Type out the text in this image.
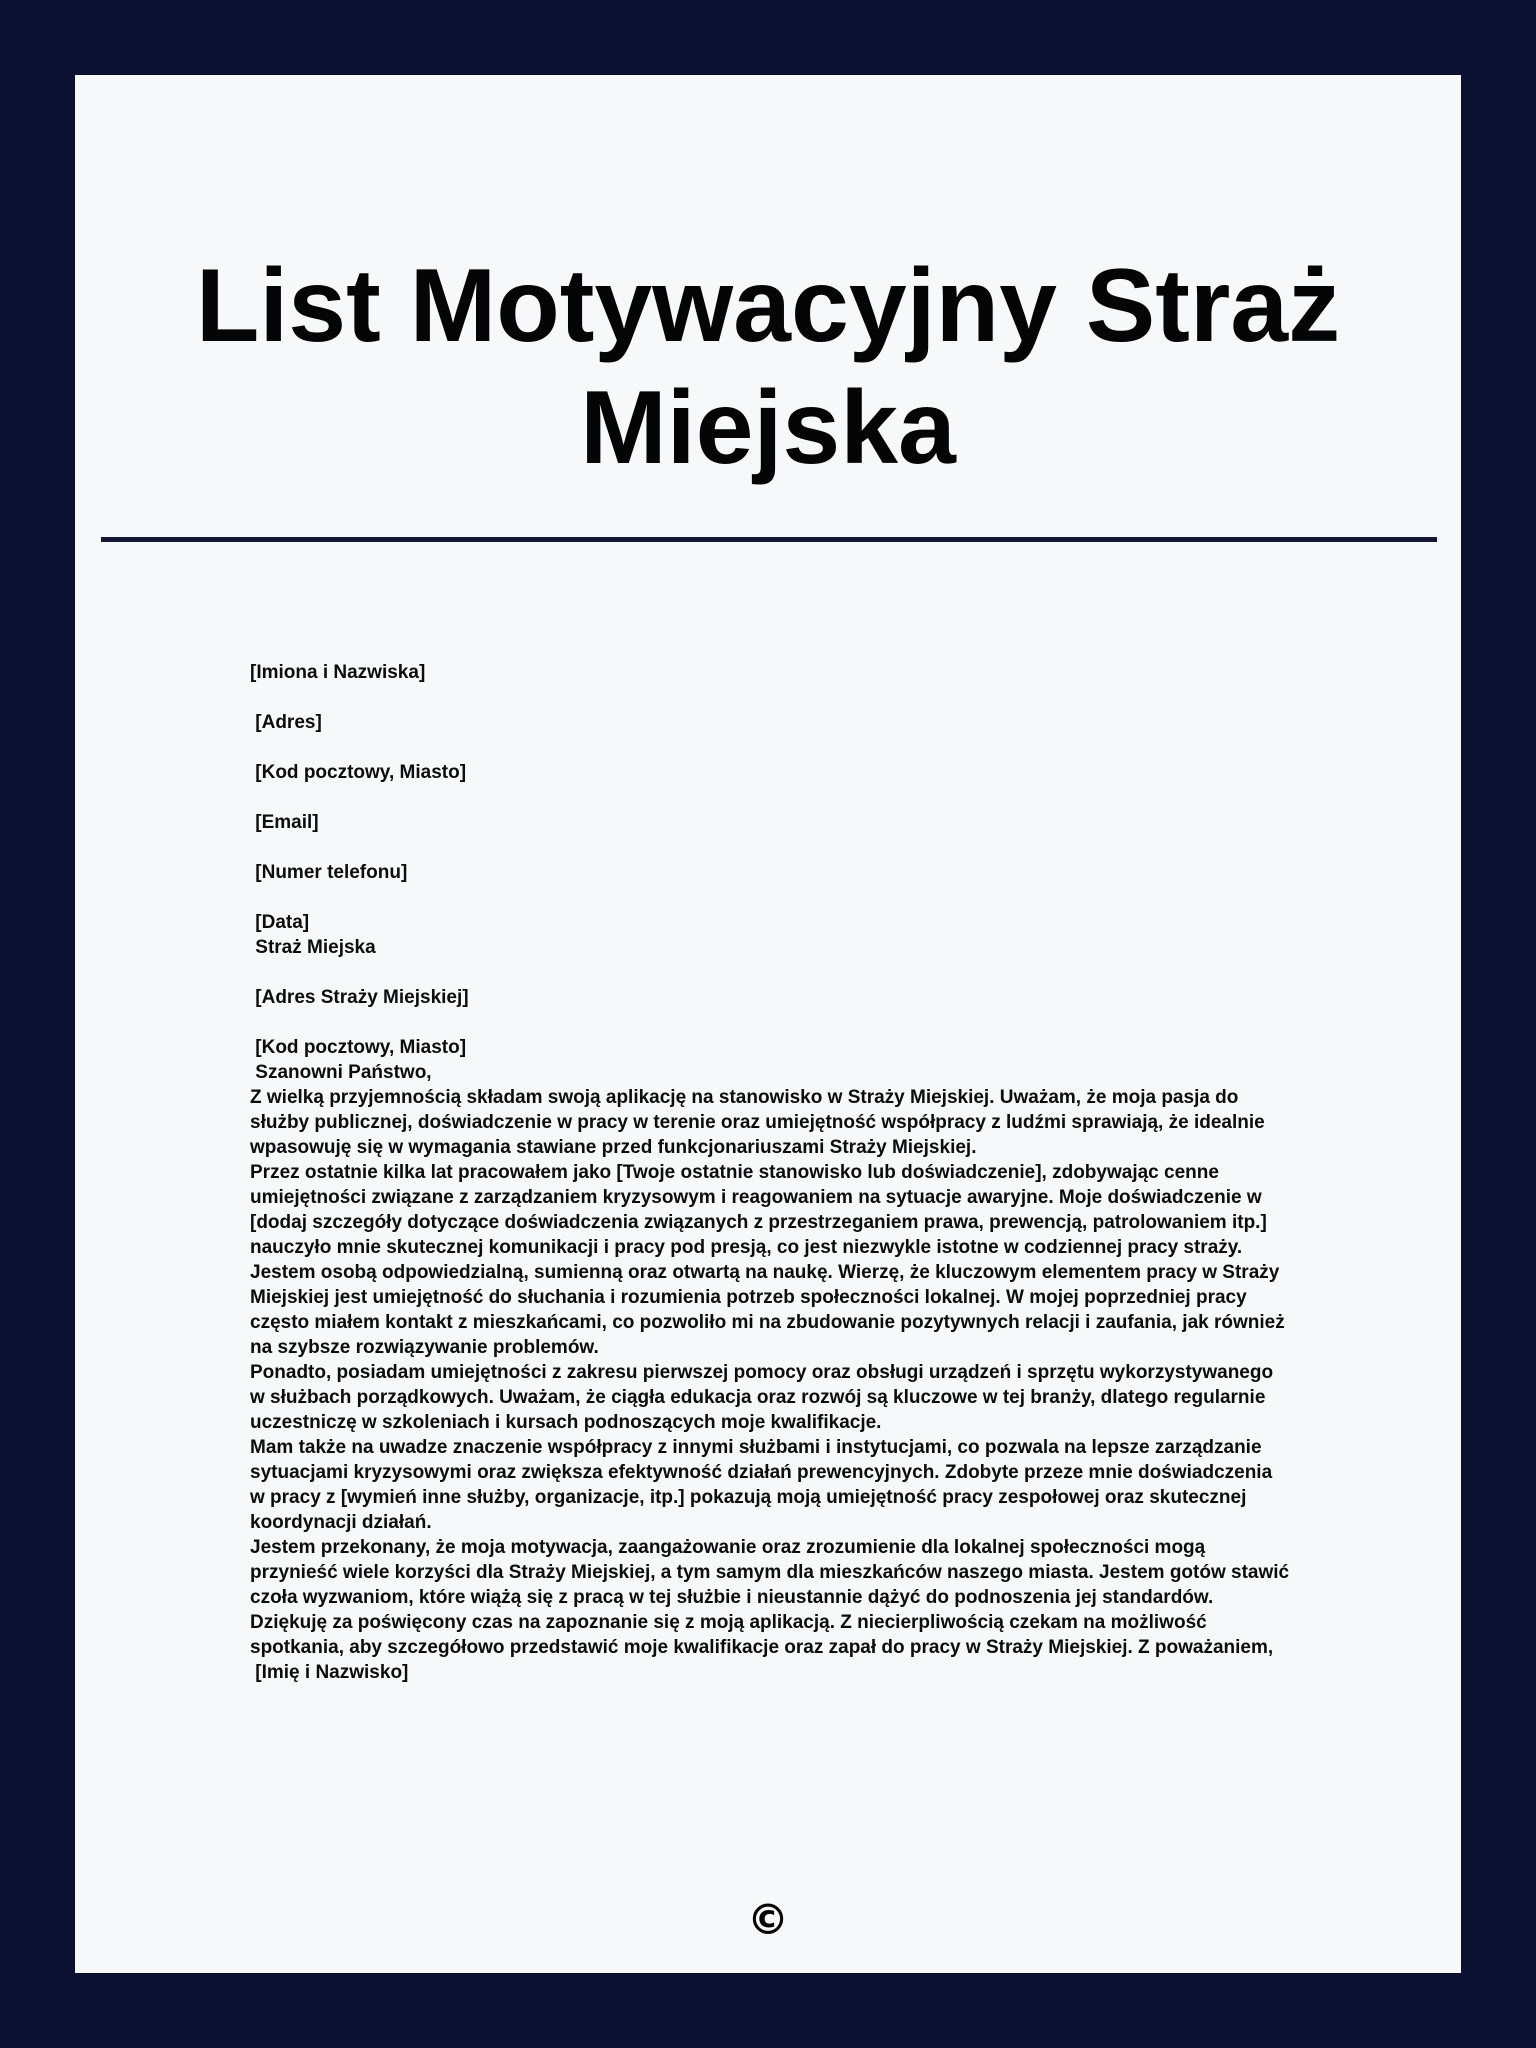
List Motywacyjny Straż Miejska
[Imiona i Nazwiska]
[Adres]
[Kod pocztowy, Miasto]
[Email]
[Numer telefonu]
[Data]
Straż Miejska
[Adres Straży Miejskiej]
[Kod pocztowy, Miasto]
Szanowni Państwo,
Z wielką przyjemnością składam swoją aplikację na stanowisko w Straży Miejskiej. Uważam, że moja pasja do służby publicznej, doświadczenie w pracy w terenie oraz umiejętność współpracy z ludźmi sprawiają, że idealnie wpasowuję się w wymagania stawiane przed funkcjonariuszami Straży Miejskiej.
Przez ostatnie kilka lat pracowałem jako [Twoje ostatnie stanowisko lub doświadczenie], zdobywając cenne umiejętności związane z zarządzaniem kryzysowym i reagowaniem na sytuacje awaryjne. Moje doświadczenie w [dodaj szczegóły dotyczące doświadczenia związanych z przestrzeganiem prawa, prewencją, patrolowaniem itp.] nauczyło mnie skutecznej komunikacji i pracy pod presją, co jest niezwykle istotne w codziennej pracy straży.
Jestem osobą odpowiedzialną, sumienną oraz otwartą na naukę. Wierzę, że kluczowym elementem pracy w Straży Miejskiej jest umiejętność do słuchania i rozumienia potrzeb społeczności lokalnej. W mojej poprzedniej pracy często miałem kontakt z mieszkańcami, co pozwoliło mi na zbudowanie pozytywnych relacji i zaufania, jak również na szybsze rozwiązywanie problemów.
Ponadto, posiadam umiejętności z zakresu pierwszej pomocy oraz obsługi urządzeń i sprzętu wykorzystywanego w służbach porządkowych. Uważam, że ciągła edukacja oraz rozwój są kluczowe w tej branży, dlatego regularnie uczestniczę w szkoleniach i kursach podnoszących moje kwalifikacje.
Mam także na uwadze znaczenie współpracy z innymi służbami i instytucjami, co pozwala na lepsze zarządzanie sytuacjami kryzysowymi oraz zwiększa efektywność działań prewencyjnych. Zdobyte przeze mnie doświadczenia w pracy z [wymień inne służby, organizacje, itp.] pokazują moją umiejętność pracy zespołowej oraz skutecznej koordynacji działań.
Jestem przekonany, że moja motywacja, zaangażowanie oraz zrozumienie dla lokalnej społeczności mogą przynieść wiele korzyści dla Straży Miejskiej, a tym samym dla mieszkańców naszego miasta. Jestem gotów stawić czoła wyzwaniom, które wiążą się z pracą w tej służbie i nieustannie dążyć do podnoszenia jej standardów.
Dziękuję za poświęcony czas na zapoznanie się z moją aplikacją. Z niecierpliwością czekam na możliwość spotkania, aby szczegółowo przedstawić moje kwalifikacje oraz zapał do pracy w Straży Miejskiej. Z poważaniem,
[Imię i Nazwisko]
©
